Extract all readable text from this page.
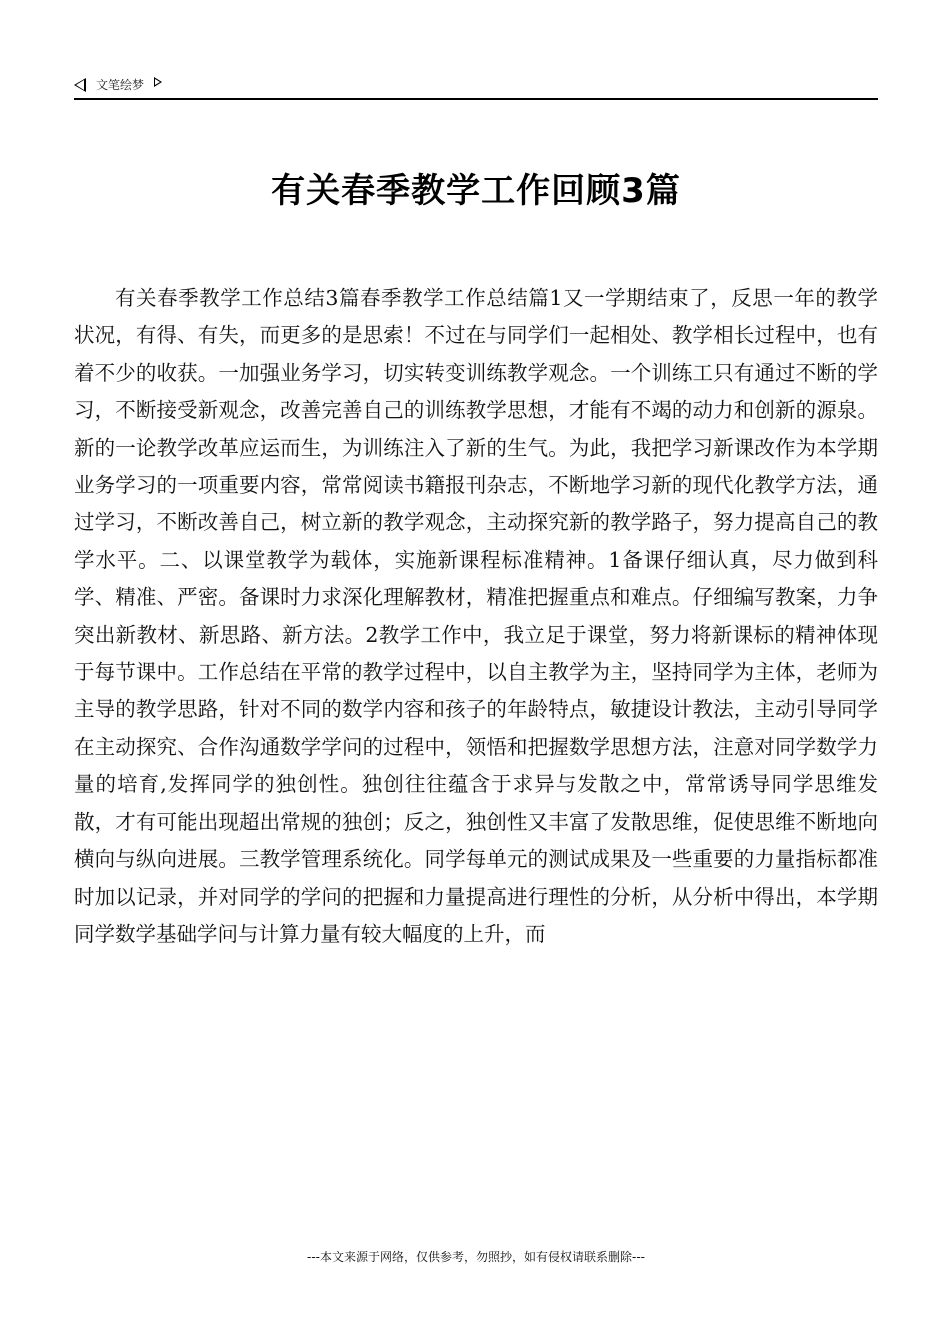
文笔绘梦
有关春季教学工作回顾3篇

有关春季教学工作总结3篇春季教学工作总结篇1又一学期结束了，反思一年的教学状况，有得、有失，而更多的是思索！不过在与同学们一起相处、教学相长过程中，也有着不少的收获。一加强业务学习，切实转变训练教学观念。一个训练工只有通过不断的学习，不断接受新观念，改善完善自己的训练教学思想，才能有不竭的动力和创新的源泉。新的一论教学改革应运而生，为训练注入了新的生气。为此，我把学习新课改作为本学期业务学习的一项重要内容，常常阅读书籍报刊杂志，不断地学习新的现代化教学方法，通过学习，不断改善自己，树立新的教学观念，主动探究新的教学路子，努力提高自己的教学水平。二、以课堂教学为载体，实施新课程标准精神。1备课仔细认真，尽力做到科学、精准、严密。备课时力求深化理解教材，精准把握重点和难点。仔细编写教案，力争突出新教材、新思路、新方法。2教学工作中，我立足于课堂，努力将新课标的精神体现于每节课中。工作总结在平常的教学过程中，以自主教学为主，坚持同学为主体，老师为主导的教学思路，针对不同的数学内容和孩子的年龄特点，敏捷设计教法，主动引导同学在主动探究、合作沟通数学学问的过程中，领悟和把握数学思想方法，注意对同学数学力量的培育,发挥同学的独创性。独创往往蕴含于求异与发散之中，常常诱导同学思维发散，才有可能出现超出常规的独创；反之，独创性又丰富了发散思维，促使思维不断地向横向与纵向进展。三教学管理系统化。同学每单元的测试成果及一些重要的力量指标都准时加以记录，并对同学的学问的把握和力量提高进行理性的分析，从分析中得出，本学期同学数学基础学问与计算力量有较大幅度的上升，而

---本文来源于网络，仅供参考，勿照抄，如有侵权请联系删除---
